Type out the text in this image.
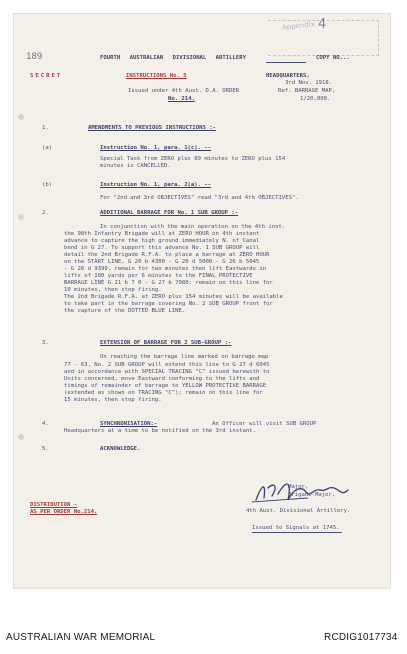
Appendix 4
189	FOURTH AUSTRALIAN DIVISIONAL ARTILLERY	COPY NO...
SECRET	INSTRUCTIONS No. 5	HEADQUARTERS,
3rd Nov. 1918.
Issued under 4th Aust. D.A. ORDER
No. 214.
Ref. BARRAGE MAP,
1/20,000.
1.	AMENDMENTS TO PREVIOUS INSTRUCTIONS :-
(a)	Instruction No. 1, para. 1(c). --
Special Task from ZERO plus 89 minutes to ZERO plus 154
minutes is CANCELLED.
(b)	Instruction No. 1, para. 2(a). --
For "2nd and 3rd OBJECTIVES" read "3rd and 4th OBJECTIVES".
2.	ADDITIONAL BARRAGE FOR No. 1 SUB GROUP :-
In conjunction with the main operation on the 4th inst.
the 98th Infantry Brigade will at ZERO HOUR on 4th instant
advance to capture the high ground immediately N. of Canal
bend in G 27. To support this advance No. 1 SUB GROUP will
detail the 2nd Brigade R.F.A. to place a barrage at ZERO HOUR
on the START LINE, G 20 b 4300 - G 20 d 5000 - G 26 b 5045
- G 26 d 9399, remain for two minutes then lift Eastwards in
lifts of 100 yards per 6 minutes to the FINAL PROTECTIVE
BARRAGE LINE G 21 b 7 0 - G 27 b 7080; remain on this line for
10 minutes, then stop firing.
The 2nd Brigade R.F.A. at ZERO plus 154 minutes will be available
to take part in the barrage covering No. 2 SUB GROUP front for
the capture of the DOTTED BLUE LINE.
3.	EXTENSION OF BARRAGE FOR 2 SUB-GROUP :-
On reaching the barrage line marked on barrage map
77 - 63, No. 2 SUB GROUP will extend this line to G 27 d 6045
and in accordance with SPECIAL TRACING "C" issued herewith to
Units concerned, move Eastward conforming to the lifts and
timings of remainder of barrage to YELLOW PROTECTIVE BARRAGE
(extended as shown on TRACING "C"); remain on this line for
15 minutes, then stop firing.
4.	SYNCHRONISATION:-	An Officer will visit SUB GROUP
Headquarters at a time to be notified on the 3rd instant.
5.	ACKNOWLEDGE.
Major,
Brigade-Major,
4th Aust. Divisional Artillery.
Issued to Signals at 1745.
DISTRIBUTION -
AS PER ORDER No.214.
AUSTRALIAN WAR MEMORIAL	RCDIG1017734
